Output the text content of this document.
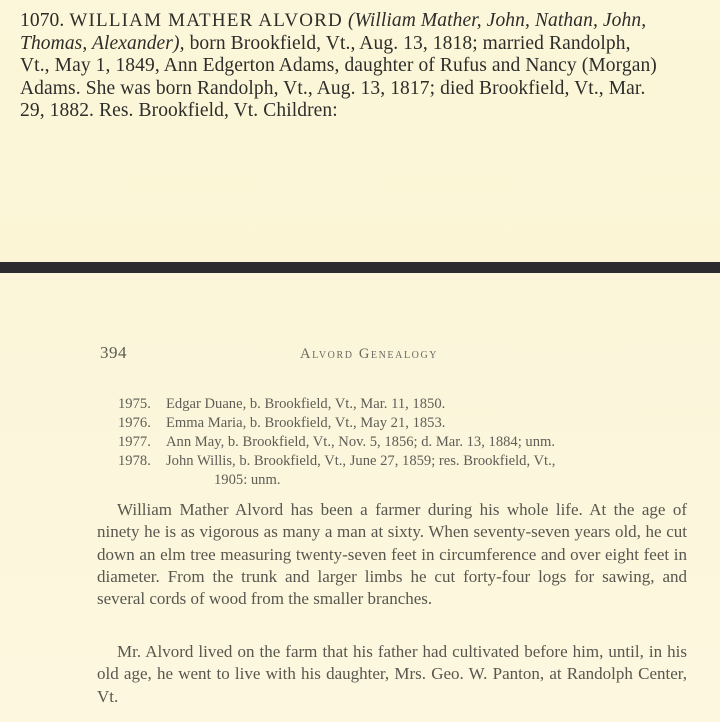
1070. WILLIAM MATHER ALVORD (William Mather, John, Nathan, John, Thomas, Alexander), born Brookfield, Vt., Aug. 13, 1818; married Randolph, Vt., May 1, 1849, Ann Edgerton Adams, daughter of Rufus and Nancy (Morgan) Adams. She was born Randolph, Vt., Aug. 13, 1817; died Brookfield, Vt., Mar. 29, 1882. Res. Brookfield, Vt. Children:

394	Alvord Genealogy
1975. Edgar Duane, b. Brookfield, Vt., Mar. 11, 1850.
1976. Emma Maria, b. Brookfield, Vt., May 21, 1853.
1977. Ann May, b. Brookfield, Vt., Nov. 5, 1856; d. Mar. 13, 1884; unm.
1978. John Willis, b. Brookfield, Vt., June 27, 1859; res. Brookfield, Vt.,
1905: unm.

William Mather Alvord has been a farmer during his whole life. At the age of ninety he is as vigorous as many a man at sixty. When seventy-seven years old, he cut down an elm tree measuring twenty-seven feet in circumference and over eight feet in diameter. From the trunk and larger limbs he cut forty-four logs for sawing, and several cords of wood from the smaller branches.

Mr. Alvord lived on the farm that his father had cultivated before him, until, in his old age, he went to live with his daughter, Mrs. Geo. W. Panton, at Randolph Center, Vt.
